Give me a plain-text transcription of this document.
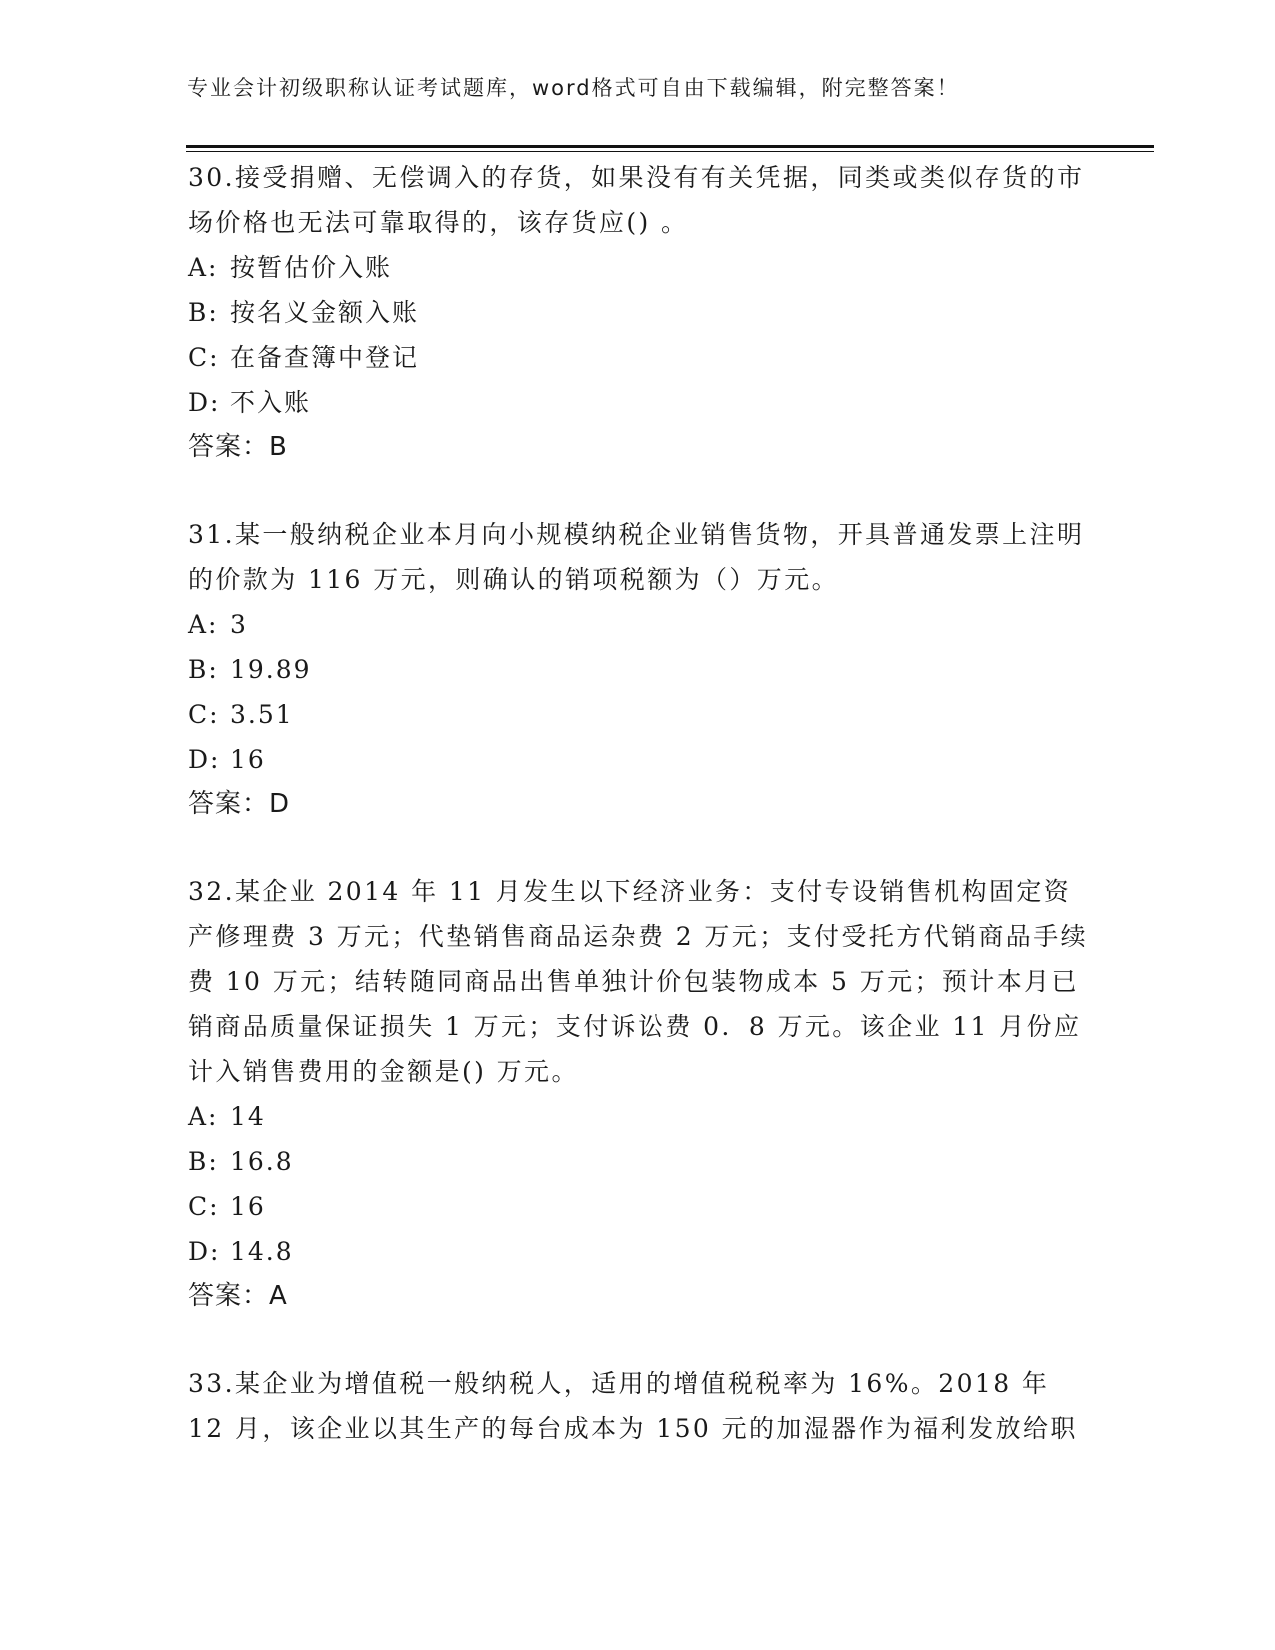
专业会计初级职称认证考试题库，word格式可自由下载编辑，附完整答案！

30.接受捐赠、无偿调入的存货，如果没有有关凭据，同类或类似存货的市场价格也无法可靠取得的，该存货应() 。

A: 按暂估价入账

B: 按名义金额入账

C: 在备查簿中登记

D: 不入账

答案：B

31.某一般纳税企业本月向小规模纳税企业销售货物，开具普通发票上注明的价款为 116 万元，则确认的销项税额为（）万元。

A: 3

B: 19.89

C: 3.51

D: 16

答案：D

32.某企业 2014 年 11 月发生以下经济业务：支付专设销售机构固定资产修理费 3 万元；代垫销售商品运杂费 2 万元；支付受托方代销商品手续费 10 万元；结转随同商品出售单独计价包装物成本 5 万元；预计本月已销商品质量保证损失 1 万元；支付诉讼费 0．8 万元。该企业 11 月份应计入销售费用的金额是() 万元。

A: 14

B: 16.8

C: 16

D: 14.8

答案：A

33.某企业为增值税一般纳税人，适用的增值税税率为 16%。2018 年 12 月，该企业以其生产的每台成本为 150 元的加湿器作为福利发放给职
